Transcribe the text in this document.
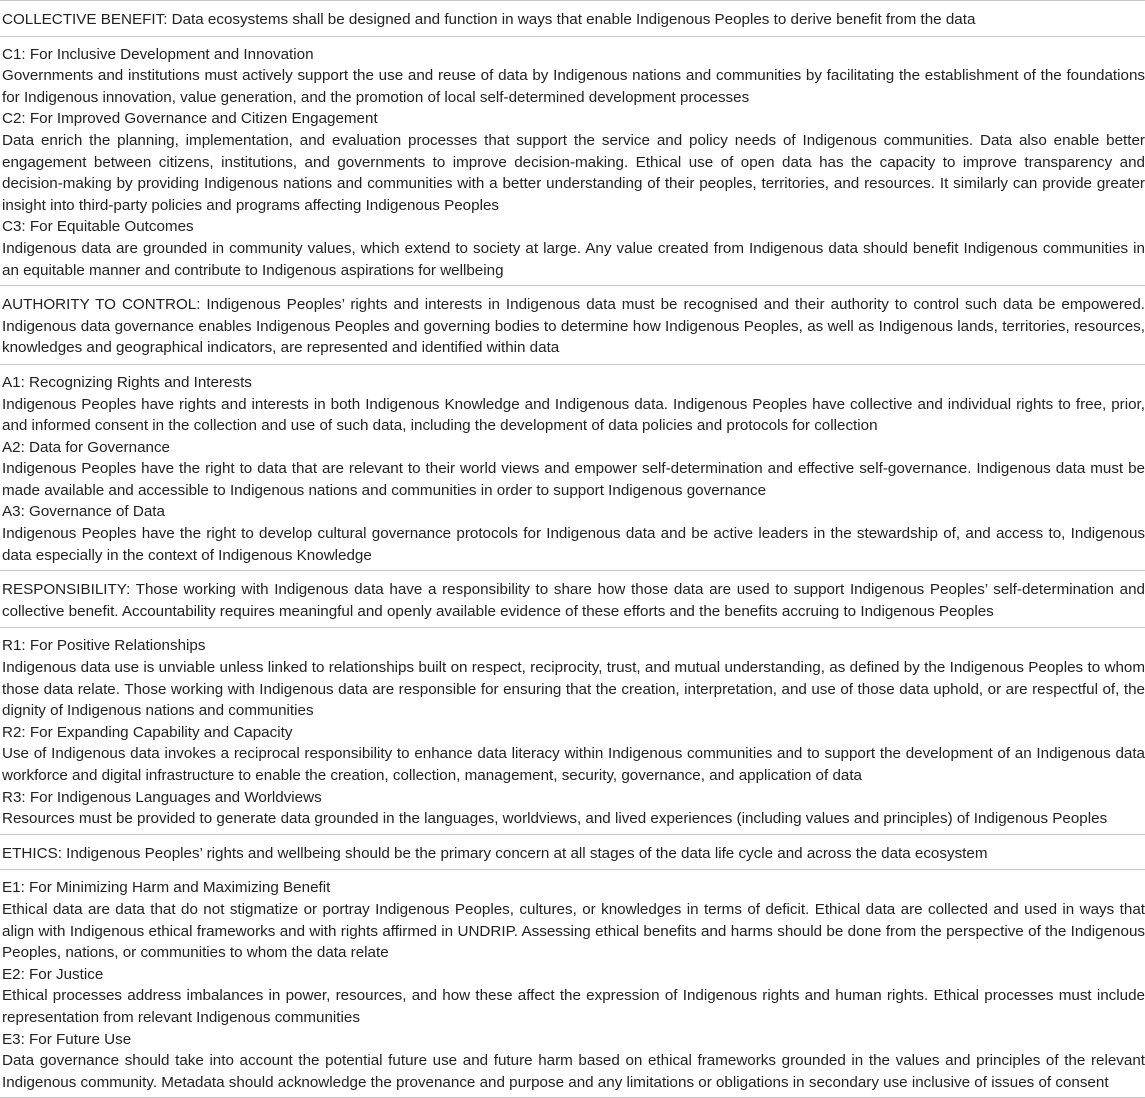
COLLECTIVE BENEFIT: Data ecosystems shall be designed and function in ways that enable Indigenous Peoples to derive benefit from the data
C1: For Inclusive Development and Innovation
Governments and institutions must actively support the use and reuse of data by Indigenous nations and communities by facilitating the establishment of the foundations for Indigenous innovation, value generation, and the promotion of local self-determined development processes
C2: For Improved Governance and Citizen Engagement
Data enrich the planning, implementation, and evaluation processes that support the service and policy needs of Indigenous communities. Data also enable better engagement between citizens, institutions, and governments to improve decision-making. Ethical use of open data has the capacity to improve transparency and decision-making by providing Indigenous nations and communities with a better understanding of their peoples, territories, and resources. It similarly can provide greater insight into third-party policies and programs affecting Indigenous Peoples
C3: For Equitable Outcomes
Indigenous data are grounded in community values, which extend to society at large. Any value created from Indigenous data should benefit Indigenous communities in an equitable manner and contribute to Indigenous aspirations for wellbeing
AUTHORITY TO CONTROL: Indigenous Peoples’ rights and interests in Indigenous data must be recognised and their authority to control such data be empowered. Indigenous data governance enables Indigenous Peoples and governing bodies to determine how Indigenous Peoples, as well as Indigenous lands, territories, resources, knowledges and geographical indicators, are represented and identified within data
A1: Recognizing Rights and Interests
Indigenous Peoples have rights and interests in both Indigenous Knowledge and Indigenous data. Indigenous Peoples have collective and individual rights to free, prior, and informed consent in the collection and use of such data, including the development of data policies and protocols for collection
A2: Data for Governance
Indigenous Peoples have the right to data that are relevant to their world views and empower self-determination and effective self-governance. Indigenous data must be made available and accessible to Indigenous nations and communities in order to support Indigenous governance
A3: Governance of Data
Indigenous Peoples have the right to develop cultural governance protocols for Indigenous data and be active leaders in the stewardship of, and access to, Indigenous data especially in the context of Indigenous Knowledge
RESPONSIBILITY: Those working with Indigenous data have a responsibility to share how those data are used to support Indigenous Peoples’ self-determination and collective benefit. Accountability requires meaningful and openly available evidence of these efforts and the benefits accruing to Indigenous Peoples
R1: For Positive Relationships
Indigenous data use is unviable unless linked to relationships built on respect, reciprocity, trust, and mutual understanding, as defined by the Indigenous Peoples to whom those data relate. Those working with Indigenous data are responsible for ensuring that the creation, interpretation, and use of those data uphold, or are respectful of, the dignity of Indigenous nations and communities
R2: For Expanding Capability and Capacity
Use of Indigenous data invokes a reciprocal responsibility to enhance data literacy within Indigenous communities and to support the development of an Indigenous data workforce and digital infrastructure to enable the creation, collection, management, security, governance, and application of data
R3: For Indigenous Languages and Worldviews
Resources must be provided to generate data grounded in the languages, worldviews, and lived experiences (including values and principles) of Indigenous Peoples
ETHICS: Indigenous Peoples’ rights and wellbeing should be the primary concern at all stages of the data life cycle and across the data ecosystem
E1: For Minimizing Harm and Maximizing Benefit
Ethical data are data that do not stigmatize or portray Indigenous Peoples, cultures, or knowledges in terms of deficit. Ethical data are collected and used in ways that align with Indigenous ethical frameworks and with rights affirmed in UNDRIP. Assessing ethical benefits and harms should be done from the perspective of the Indigenous Peoples, nations, or communities to whom the data relate
E2: For Justice
Ethical processes address imbalances in power, resources, and how these affect the expression of Indigenous rights and human rights. Ethical processes must include representation from relevant Indigenous communities
E3: For Future Use
Data governance should take into account the potential future use and future harm based on ethical frameworks grounded in the values and principles of the relevant Indigenous community. Metadata should acknowledge the provenance and purpose and any limitations or obligations in secondary use inclusive of issues of consent
